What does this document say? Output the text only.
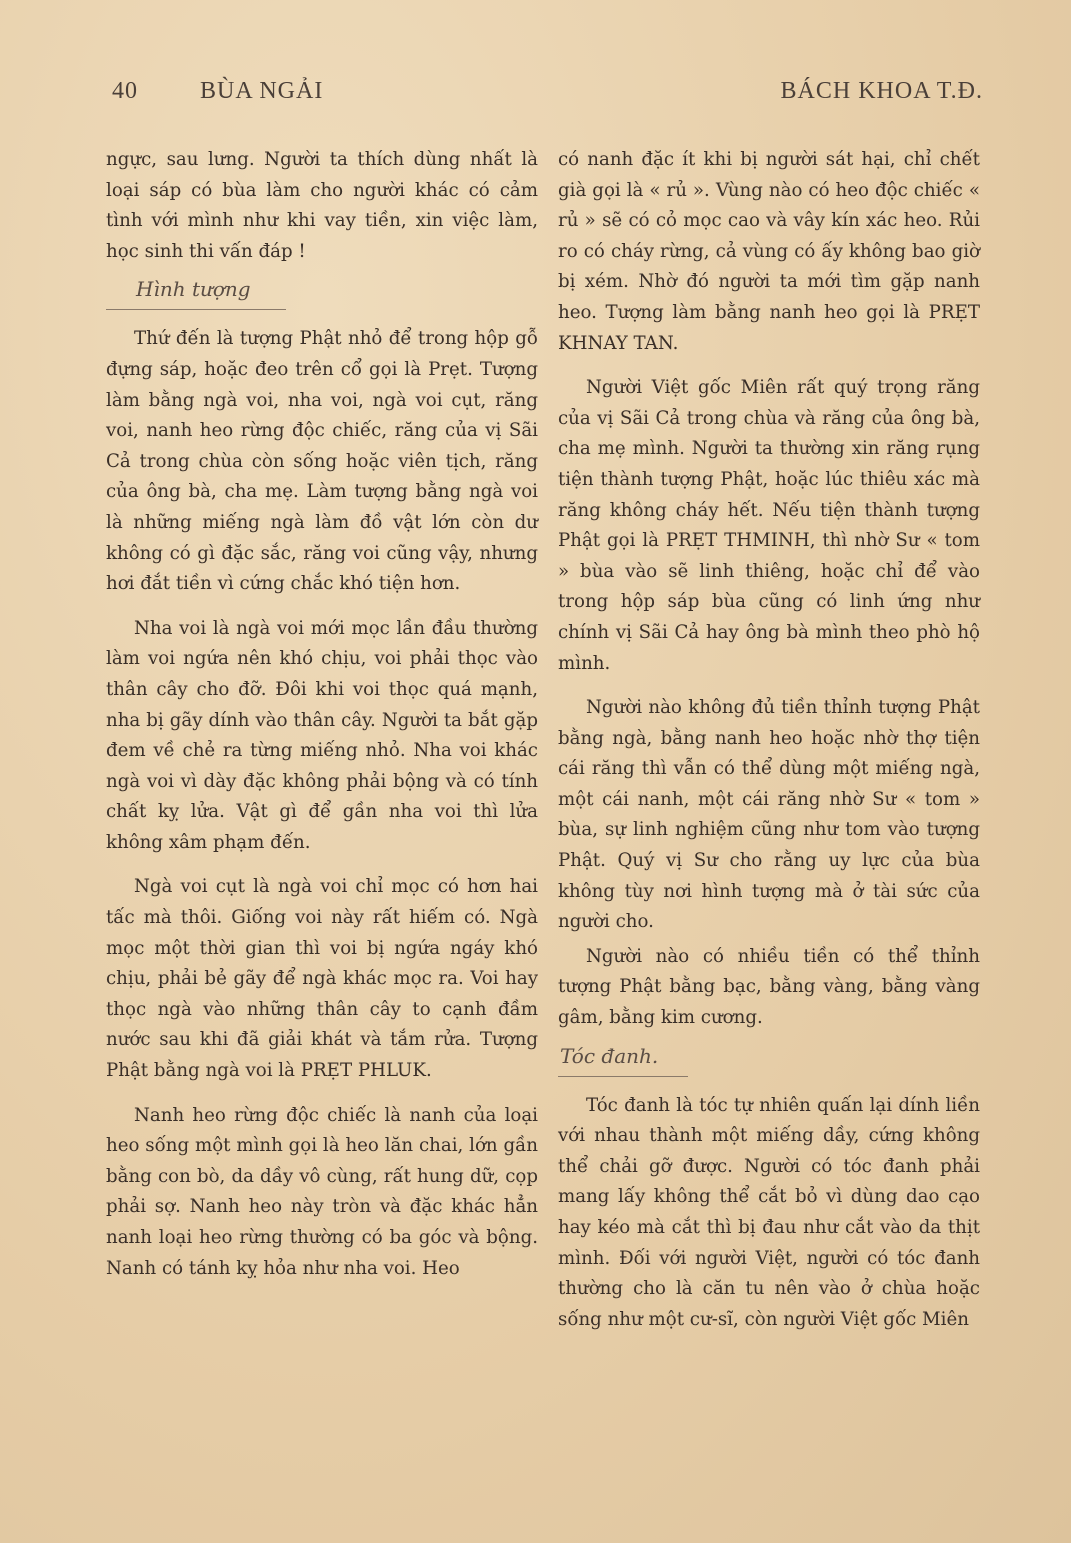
40	BÙA NGẢI	BÁCH KHOA T.Đ.

ngực, sau lưng. Người ta thích dùng nhất là loại sáp có bùa làm cho người khác có cảm tình với mình như khi vay tiền, xin việc làm, học sinh thi vấn đáp !

Hình tượng

Thứ đến là tượng Phật nhỏ để trong hộp gỗ đựng sáp, hoặc đeo trên cổ gọi là Prẹt. Tượng làm bằng ngà voi, nha voi, ngà voi cụt, răng voi, nanh heo rừng độc chiếc, răng của vị Sãi Cả trong chùa còn sống hoặc viên tịch, răng của ông bà, cha mẹ. Làm tượng bằng ngà voi là những miếng ngà làm đồ vật lớn còn dư không có gì đặc sắc, răng voi cũng vậy, nhưng hơi đắt tiền vì cứng chắc khó tiện hơn.

Nha voi là ngà voi mới mọc lần đầu thường làm voi ngứa nên khó chịu, voi phải thọc vào thân cây cho đỡ. Đôi khi voi thọc quá mạnh, nha bị gãy dính vào thân cây. Người ta bắt gặp đem về chẻ ra từng miếng nhỏ. Nha voi khác ngà voi vì dày đặc không phải bộng và có tính chất kỵ lửa. Vật gì để gần nha voi thì lửa không xâm phạm đến.

Ngà voi cụt là ngà voi chỉ mọc có hơn hai tấc mà thôi. Giống voi này rất hiếm có. Ngà mọc một thời gian thì voi bị ngứa ngáy khó chịu, phải bẻ gãy để ngà khác mọc ra. Voi hay thọc ngà vào những thân cây to cạnh đầm nước sau khi đã giải khát và tắm rửa. Tượng Phật bằng ngà voi là PRẸT PHLUK.

Nanh heo rừng độc chiếc là nanh của loại heo sống một mình gọi là heo lăn chai, lớn gần bằng con bò, da dầy vô cùng, rất hung dữ, cọp phải sợ. Nanh heo này tròn và đặc khác hẳn nanh loại heo rừng thường có ba góc và bộng. Nanh có tánh kỵ hỏa như nha voi. Heo

có nanh đặc ít khi bị người sát hại, chỉ chết già gọi là « rủ ». Vùng nào có heo độc chiếc « rủ » sẽ có cỏ mọc cao và vây kín xác heo. Rủi ro có cháy rừng, cả vùng có ấy không bao giờ bị xém. Nhờ đó người ta mới tìm gặp nanh heo. Tượng làm bằng nanh heo gọi là PRẸT KHNAY TAN.

Người Việt gốc Miên rất quý trọng răng của vị Sãi Cả trong chùa và răng của ông bà, cha mẹ mình. Người ta thường xin răng rụng tiện thành tượng Phật, hoặc lúc thiêu xác mà răng không cháy hết. Nếu tiện thành tượng Phật gọi là PRẸT THMINH, thì nhờ Sư « tom » bùa vào sẽ linh thiêng, hoặc chỉ để vào trong hộp sáp bùa cũng có linh ứng như chính vị Sãi Cả hay ông bà mình theo phò hộ mình.

Người nào không đủ tiền thỉnh tượng Phật bằng ngà, bằng nanh heo hoặc nhờ thợ tiện cái răng thì vẫn có thể dùng một miếng ngà, một cái nanh, một cái răng nhờ Sư « tom » bùa, sự linh nghiệm cũng như tom vào tượng Phật. Quý vị Sư cho rằng uy lực của bùa không tùy nơi hình tượng mà ở tài sức của người cho.

Người nào có nhiều tiền có thể thỉnh tượng Phật bằng bạc, bằng vàng, bằng vàng gâm, bằng kim cương.

Tóc đanh.

Tóc đanh là tóc tự nhiên quấn lại dính liền với nhau thành một miếng dầy, cứng không thể chải gỡ được. Người có tóc đanh phải mang lấy không thể cắt bỏ vì dùng dao cạo hay kéo mà cắt thì bị đau như cắt vào da thịt mình. Đối với người Việt, người có tóc đanh thường cho là căn tu nên vào ở chùa hoặc sống như một cư-sĩ, còn người Việt gốc Miên
